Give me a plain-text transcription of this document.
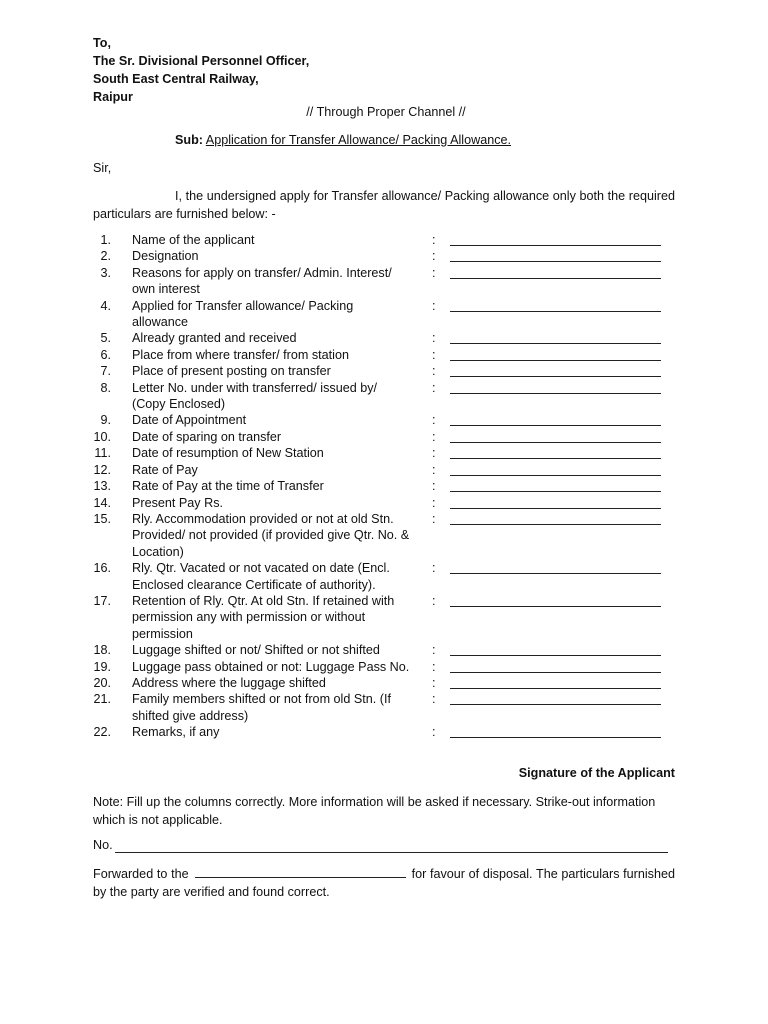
To,
The Sr. Divisional Personnel Officer,
South East Central Railway,
Raipur
// Through Proper Channel //
Sub: Application for Transfer Allowance/ Packing Allowance.
Sir,
I, the undersigned apply for Transfer allowance/ Packing allowance only both the required particulars are furnished below: -
1. Name of the applicant	:
2. Designation	:
3. Reasons for apply on transfer/ Admin. Interest/ own interest
:
4. Applied for Transfer allowance/ Packing allowance
:
5. Already granted and received	:
6. Place from where transfer/ from station	:
7. Place of present posting on transfer	:
8. Letter No. under with transferred/ issued by/ (Copy Enclosed)
:
9. Date of Appointment	:
10. Date of sparing on transfer	:
11. Date of resumption of New Station	:
12. Rate of Pay	:
13. Rate of Pay at the time of Transfer	:
14. Present Pay Rs.	:
15. Rly. Accommodation provided or not at old Stn. Provided/ not provided (if provided give Qtr. No. & Location)
:
16. Rly. Qtr. Vacated or not vacated on date (Encl. Enclosed clearance Certificate of authority).
:
17. Retention of Rly. Qtr. At old Stn. If retained with permission any with permission or without permission
:
18. Luggage shifted or not/ Shifted or not shifted	:
19. Luggage pass obtained or not: Luggage Pass No. :
20. Address where the luggage shifted	:
21. Family members shifted or not from old Stn. (If shifted give address)
:
22. Remarks, if any	:
Signature of the Applicant
Note: Fill up the columns correctly. More information will be asked if necessary. Strike-out information which is not applicable.
No.
Forwarded to the	for favour of disposal. The particulars furnished by the party are verified and found correct.
